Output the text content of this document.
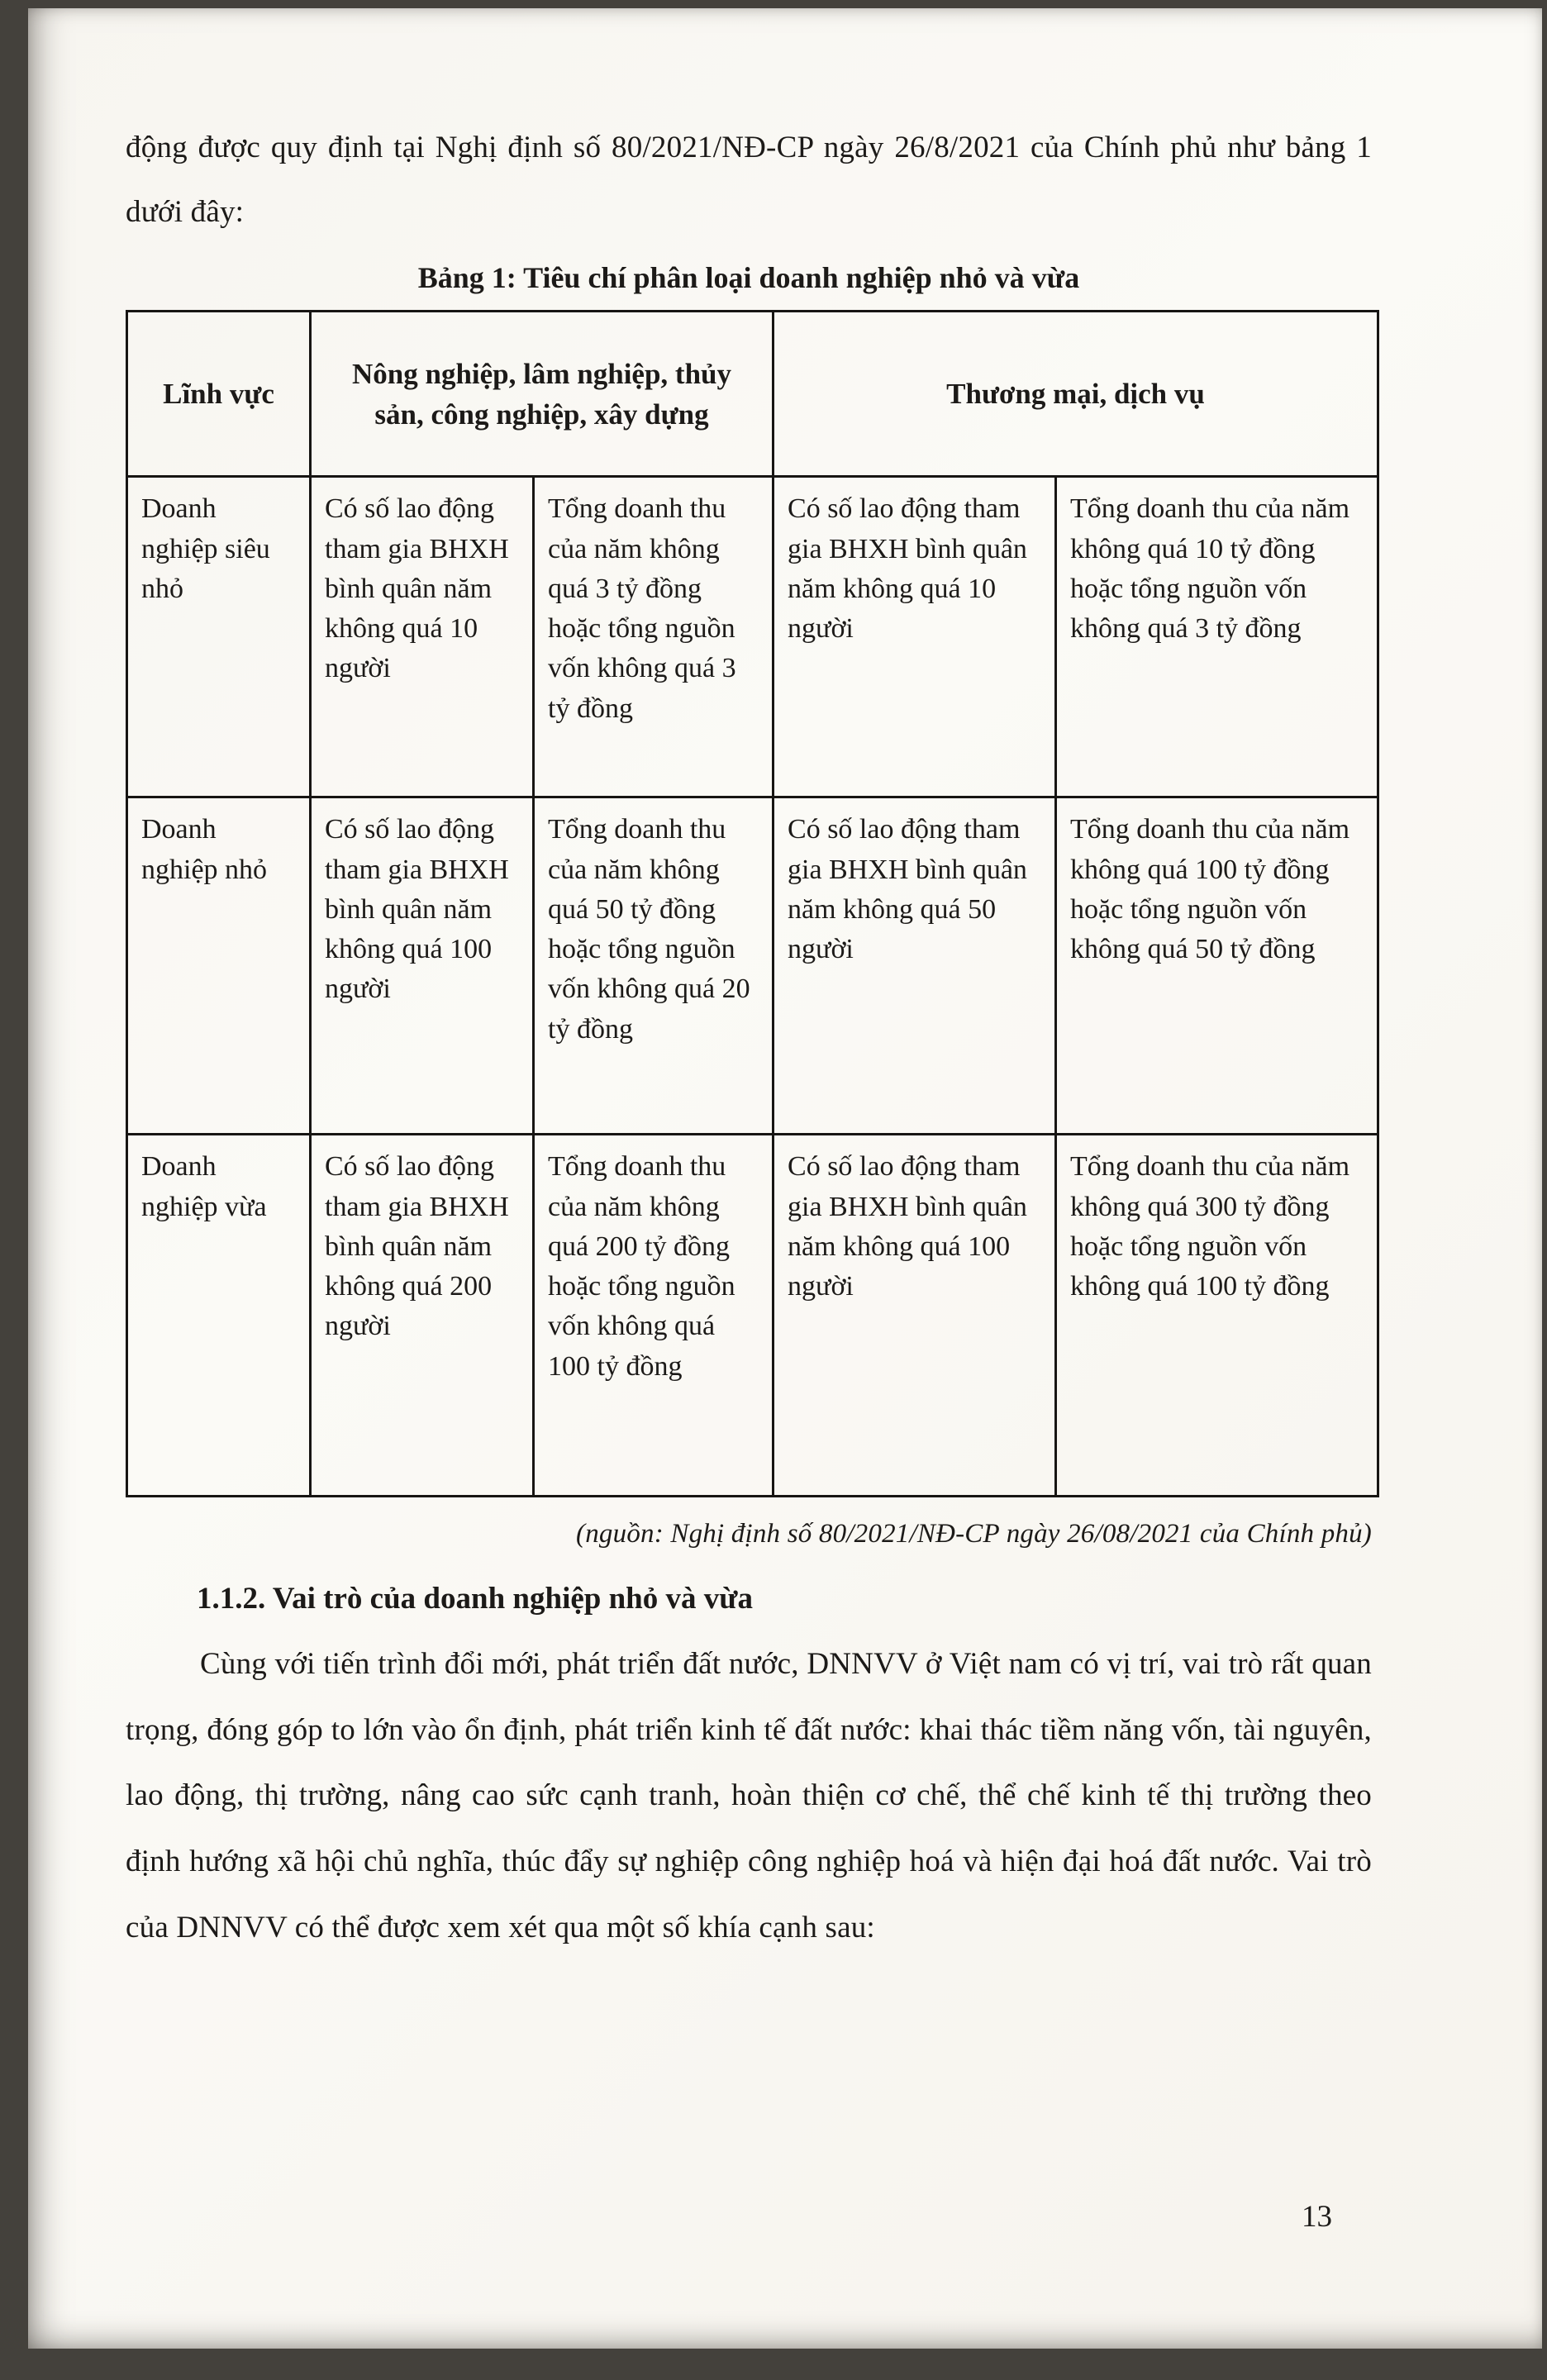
động được quy định tại Nghị định số 80/2021/NĐ-CP ngày 26/8/2021 của Chính phủ như bảng 1 dưới đây:

Bảng 1: Tiêu chí phân loại doanh nghiệp nhỏ và vừa
Lĩnh vực	Nông nghiệp, lâm nghiệp, thủy sản, công nghiệp, xây dựng		Thương mại, dịch vụ	
Doanh nghiệp siêu nhỏ	Có số lao động tham gia BHXH bình quân năm không quá 10 người	Tổng doanh thu của năm không quá 3 tỷ đồng hoặc tổng nguồn vốn không quá 3 tỷ đồng	Có số lao động tham gia BHXH bình quân năm không quá 10 người	Tổng doanh thu của năm không quá 10 tỷ đồng hoặc tổng nguồn vốn không quá 3 tỷ đồng
Doanh nghiệp nhỏ	Có số lao động tham gia BHXH bình quân năm không quá 100 người	Tổng doanh thu của năm không quá 50 tỷ đồng hoặc tổng nguồn vốn không quá 20 tỷ đồng	Có số lao động tham gia BHXH bình quân năm không quá 50 người	Tổng doanh thu của năm không quá 100 tỷ đồng hoặc tổng nguồn vốn không quá 50 tỷ đồng
Doanh nghiệp vừa	Có số lao động tham gia BHXH bình quân năm không quá 200 người	Tổng doanh thu của năm không quá 200 tỷ đồng hoặc tổng nguồn vốn không quá 100 tỷ đồng	Có số lao động tham gia BHXH bình quân năm không quá 100 người	Tổng doanh thu của năm không quá 300 tỷ đồng hoặc tổng nguồn vốn không quá 100 tỷ đồng

(nguồn: Nghị định số 80/2021/NĐ-CP ngày 26/08/2021 của Chính phủ)

1.1.2. Vai trò của doanh nghiệp nhỏ và vừa

Cùng với tiến trình đổi mới, phát triển đất nước, DNNVV ở Việt nam có vị trí, vai trò rất quan trọng, đóng góp to lớn vào ổn định, phát triển kinh tế đất nước: khai thác tiềm năng vốn, tài nguyên, lao động, thị trường, nâng cao sức cạnh tranh, hoàn thiện cơ chế, thể chế kinh tế thị trường theo định hướng xã hội chủ nghĩa, thúc đẩy sự nghiệp công nghiệp hoá và hiện đại hoá đất nước. Vai trò của DNNVV có thể được xem xét qua một số khía cạnh sau:

13
